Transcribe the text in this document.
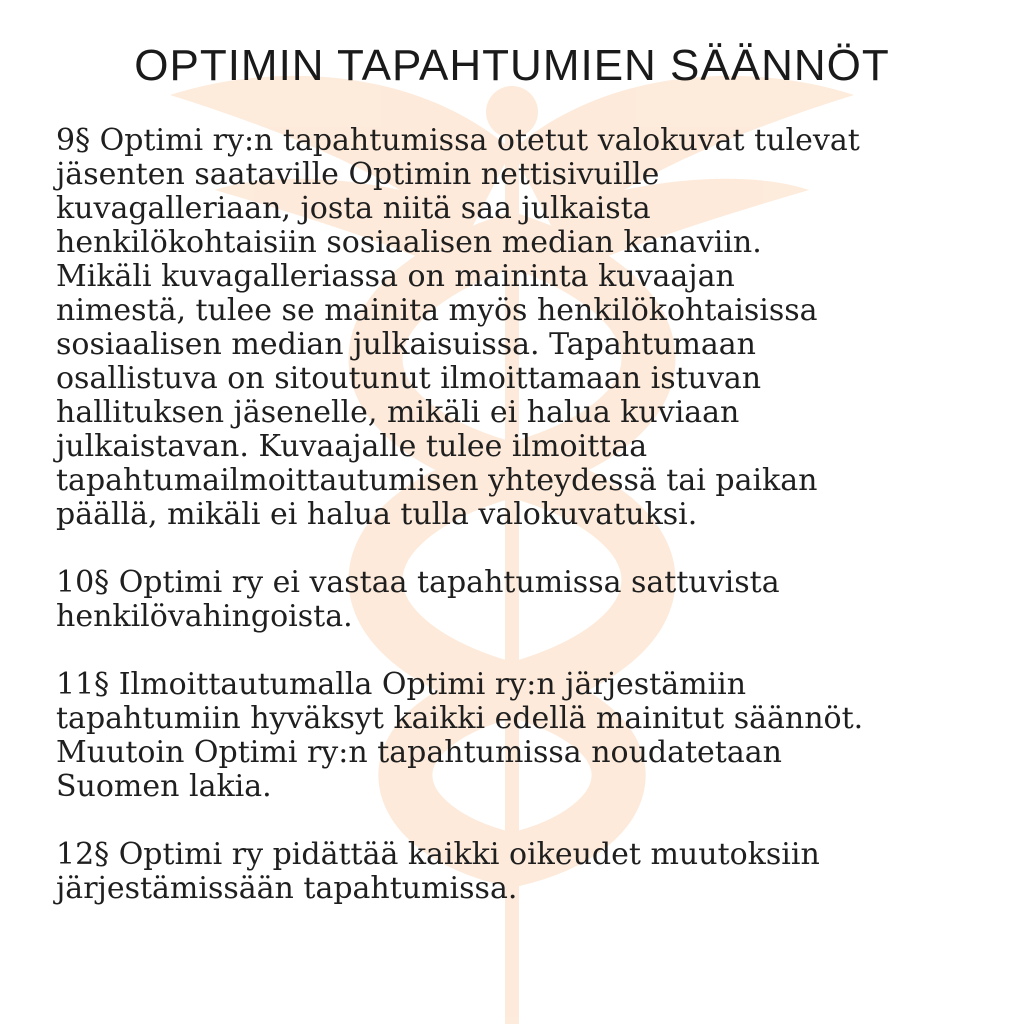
OPTIMIN TAPAHTUMIEN SÄÄNNÖT

9§ Optimi ry:n tapahtumissa otetut valokuvat tulevat
jäsenten saataville Optimin nettisivuille
kuvagalleriaan, josta niitä saa julkaista
henkilökohtaisiin sosiaalisen median kanaviin.
Mikäli kuvagalleriassa on maininta kuvaajan
nimestä, tulee se mainita myös henkilökohtaisissa
sosiaalisen median julkaisuissa. Tapahtumaan
osallistuva on sitoutunut ilmoittamaan istuvan
hallituksen jäsenelle, mikäli ei halua kuviaan
julkaistavan. Kuvaajalle tulee ilmoittaa
tapahtumailmoittautumisen yhteydessä tai paikan
päällä, mikäli ei halua tulla valokuvatuksi.

10§ Optimi ry ei vastaa tapahtumissa sattuvista
henkilövahingoista.

11§ Ilmoittautumalla Optimi ry:n järjestämiin
tapahtumiin hyväksyt kaikki edellä mainitut säännöt.
Muutoin Optimi ry:n tapahtumissa noudatetaan
Suomen lakia.

12§ Optimi ry pidättää kaikki oikeudet muutoksiin
järjestämissään tapahtumissa.
